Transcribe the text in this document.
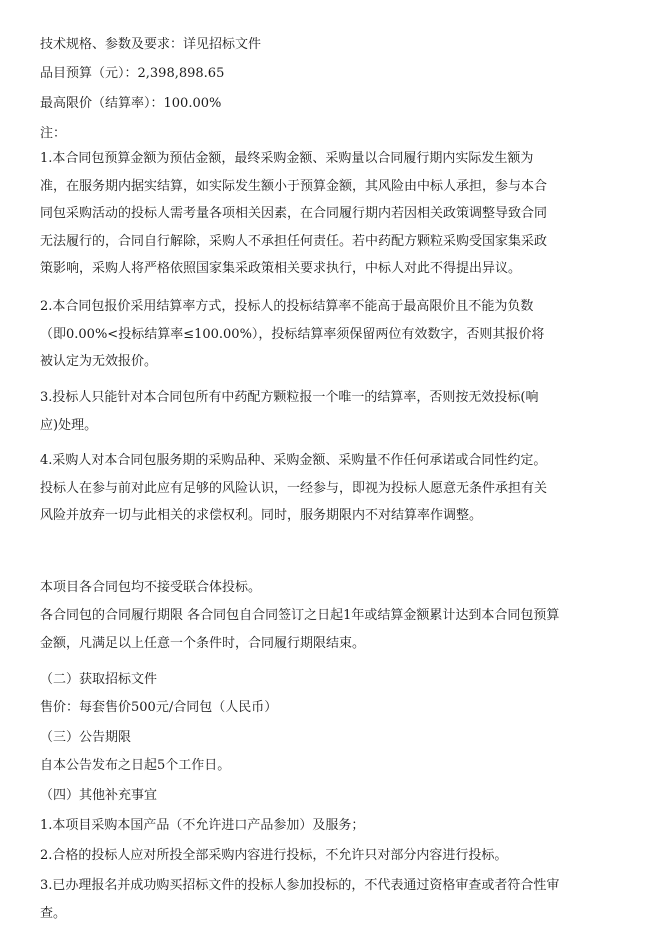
技术规格、参数及要求：详见招标文件
品目预算（元）：2,398,898.65
最高限价（结算率）：100.00%
注：

1.本合同包预算金额为预估金额，最终采购金额、采购量以合同履行期内实际发生额为准，在服务期内据实结算，如实际发生额小于预算金额，其风险由中标人承担，参与本合同包采购活动的投标人需考量各项相关因素，在合同履行期内若因相关政策调整导致合同无法履行的，合同自行解除，采购人不承担任何责任。若中药配方颗粒采购受国家集采政策影响，采购人将严格依照国家集采政策相关要求执行，中标人对此不得提出异议。

2.本合同包报价采用结算率方式，投标人的投标结算率不能高于最高限价且不能为负数（即0.00%<投标结算率≤100.00%），投标结算率须保留两位有效数字，否则其报价将被认定为无效报价。

3.投标人只能针对本合同包所有中药配方颗粒报一个唯一的结算率，否则按无效投标(响应)处理。

4.采购人对本合同包服务期的采购品种、采购金额、采购量不作任何承诺或合同性约定。投标人在参与前对此应有足够的风险认识，一经参与，即视为投标人愿意无条件承担有关风险并放弃一切与此相关的求偿权利。同时，服务期限内不对结算率作调整。

本项目各合同包均不接受联合体投标。

各合同包的合同履行期限 各合同包自合同签订之日起1年或结算金额累计达到本合同包预算金额，凡满足以上任意一个条件时，合同履行期限结束。

（二）获取招标文件

售价：每套售价500元/合同包（人民币）

（三）公告期限

自本公告发布之日起5个工作日。

（四）其他补充事宜

1.本项目采购本国产品（不允许进口产品参加）及服务；

2.合格的投标人应对所投全部采购内容进行投标，不允许只对部分内容进行投标。

3.已办理报名并成功购买招标文件的投标人参加投标的，不代表通过资格审查或者符合性审查。
